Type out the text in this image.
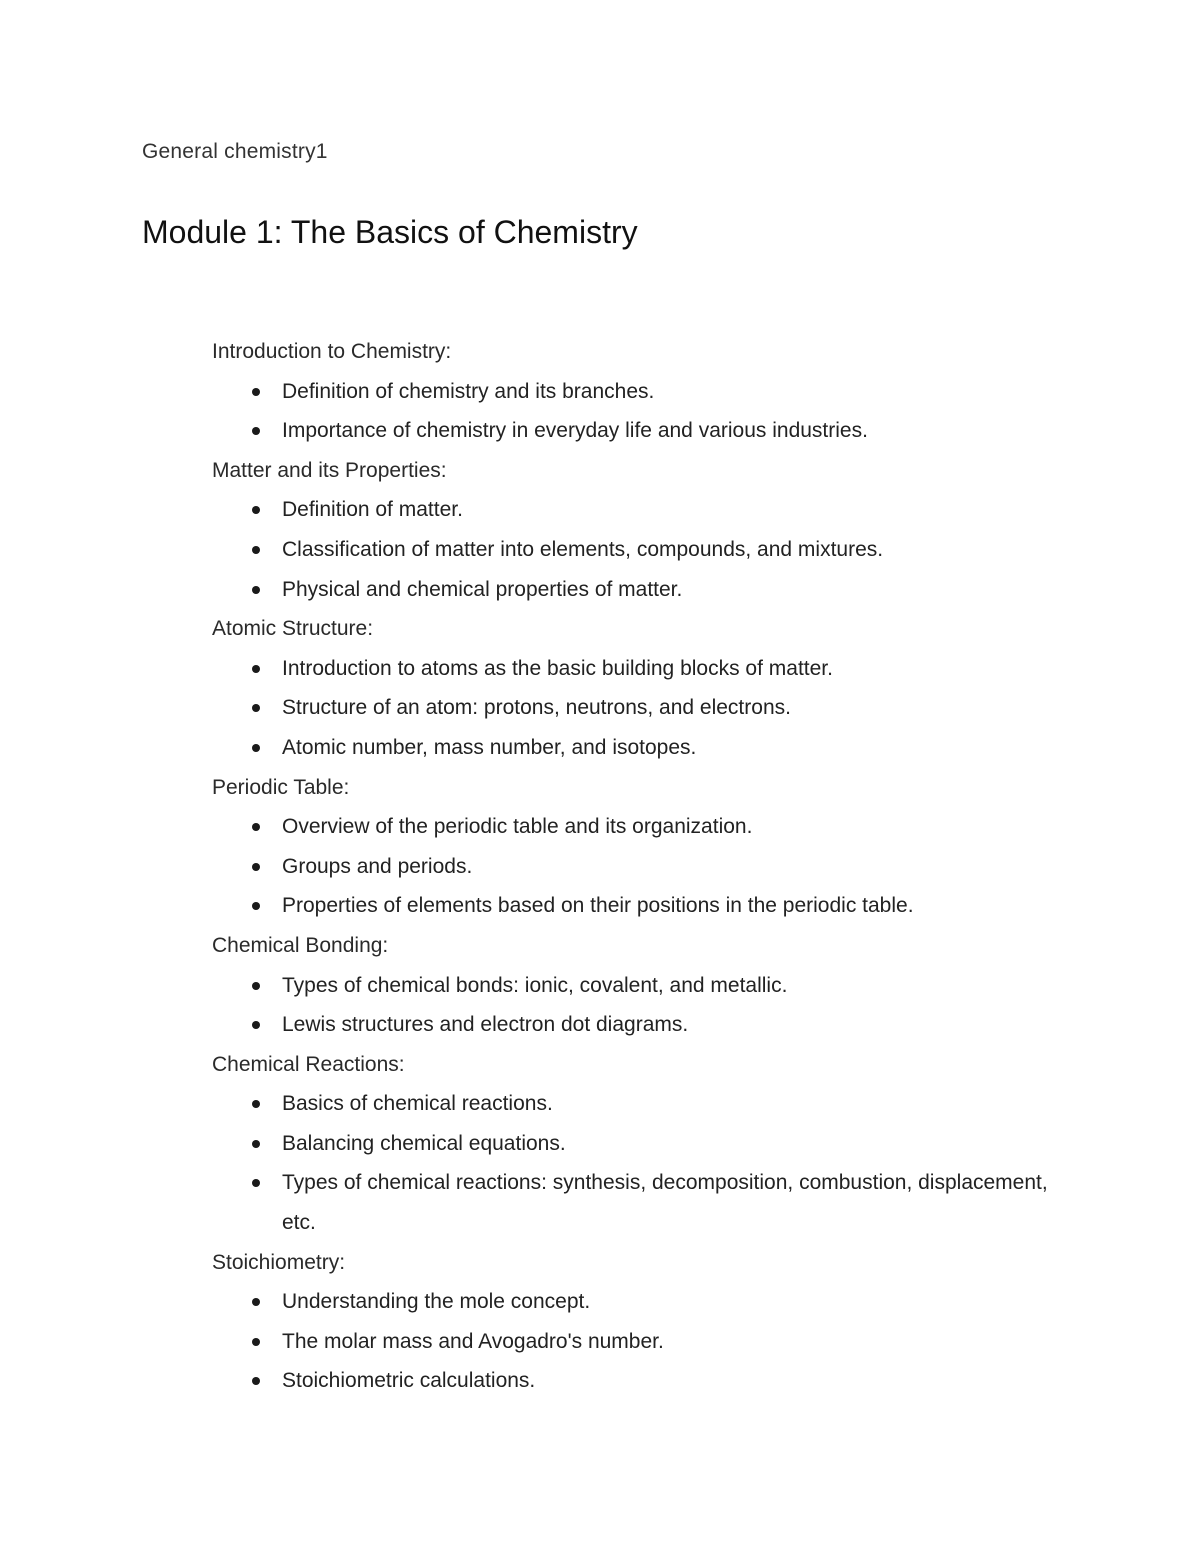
General chemistry1
Module 1: The Basics of Chemistry
Introduction to Chemistry:
Definition of chemistry and its branches.
Importance of chemistry in everyday life and various industries.
Matter and its Properties:
Definition of matter.
Classification of matter into elements, compounds, and mixtures.
Physical and chemical properties of matter.
Atomic Structure:
Introduction to atoms as the basic building blocks of matter.
Structure of an atom: protons, neutrons, and electrons.
Atomic number, mass number, and isotopes.
Periodic Table:
Overview of the periodic table and its organization.
Groups and periods.
Properties of elements based on their positions in the periodic table.
Chemical Bonding:
Types of chemical bonds: ionic, covalent, and metallic.
Lewis structures and electron dot diagrams.
Chemical Reactions:
Basics of chemical reactions.
Balancing chemical equations.
Types of chemical reactions: synthesis, decomposition, combustion, displacement, etc.
Stoichiometry:
Understanding the mole concept.
The molar mass and Avogadro's number.
Stoichiometric calculations.
